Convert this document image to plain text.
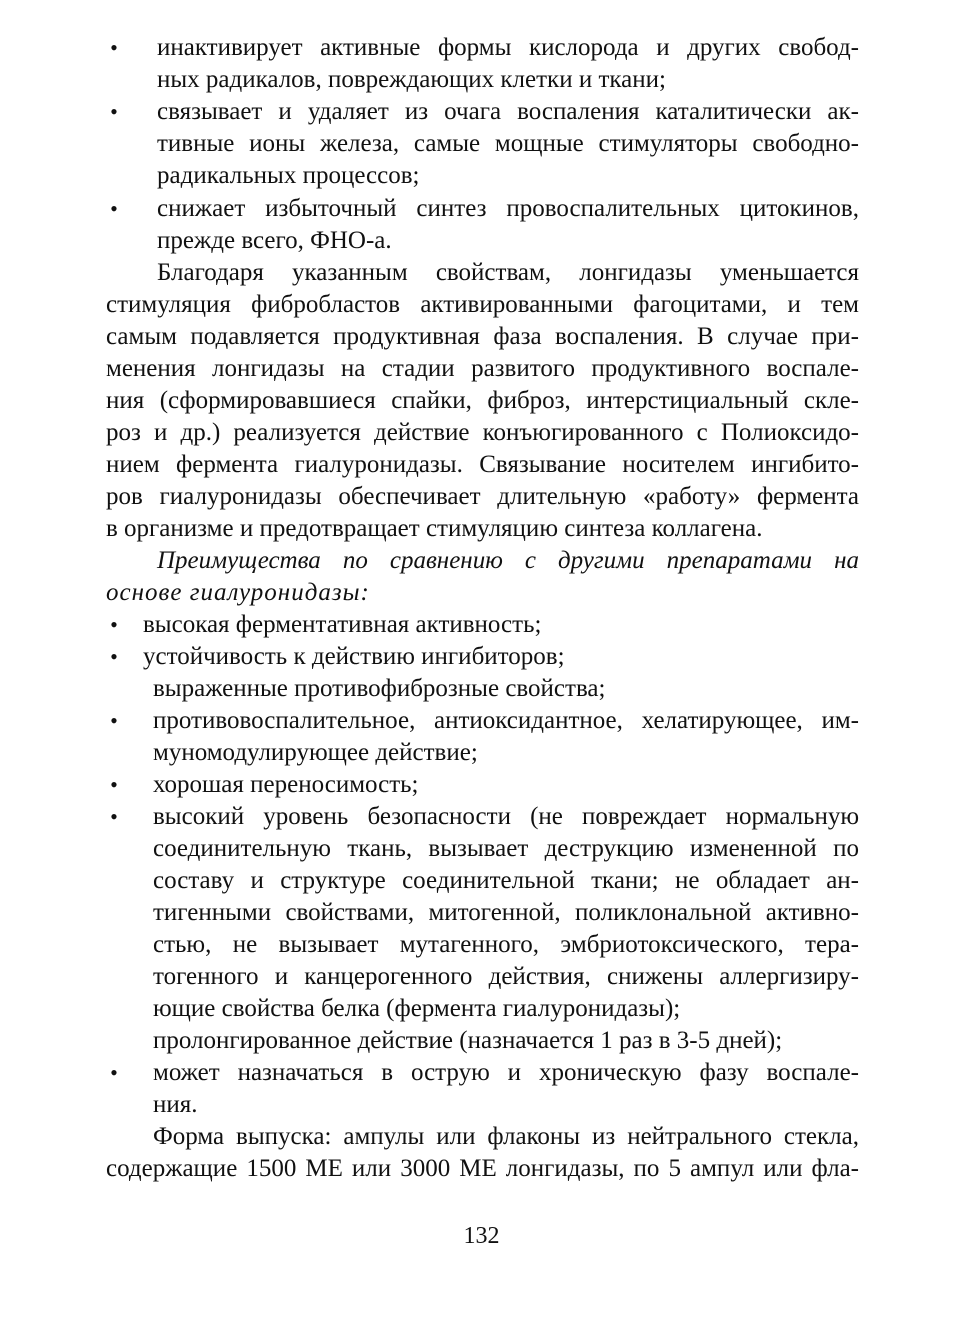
• инактивирует активные формы кислорода и других свобод-
ных радикалов, повреждающих клетки и ткани;
• связывает и удаляет из очага воспаления каталитически ак-
тивные ионы железа, самые мощные стимуляторы свободно-
радикальных процессов;
• снижает избыточный синтез провоспалительных цитокинов,
прежде всего, ФНО-а.
Благодаря указанным свойствам, лонгидазы уменьшается
стимуляция фибробластов активированными фагоцитами, и тем
самым подавляется продуктивная фаза воспаления. В случае при-
менения лонгидазы на стадии развитого продуктивного воспале-
ния (сформировавшиеся спайки, фиброз, интерстициальный скле-
роз и др.) реализуется действие конъюгированного с Полиоксидо-
нием фермента гиалуронидазы. Связывание носителем ингибито-
ров гиалуронидазы обеспечивает длительную «работу» фермента
в организме и предотвращает стимуляцию синтеза коллагена.
Преимущества по сравнению с другими препаратами на
основе гиалуронидазы:
• высокая ферментативная активность;
• устойчивость к действию ингибиторов;
выраженные противофиброзные свойства;
• противовоспалительное, антиоксидантное, хелатирующее, им-
муномодулирующее действие;
• хорошая переносимость;
• высокий уровень безопасности (не повреждает нормальную
соединительную ткань, вызывает деструкцию измененной по
составу и структуре соединительной ткани; не обладает ан-
тигенными свойствами, митогенной, поликлональной активно-
стью, не вызывает мутагенного, эмбриотоксического, тера-
тогенного и канцерогенного действия, снижены аллергизиру-
ющие свойства белка (фермента гиалуронидазы);
пролонгированное действие (назначается 1 раз в 3-5 дней);
• может назначаться в острую и хроническую фазу воспале-
ния.
Форма выпуска: ампулы или флаконы из нейтрального стекла,
содержащие 1500 МЕ или 3000 МЕ лонгидазы, по 5 ампул или фла-
132
